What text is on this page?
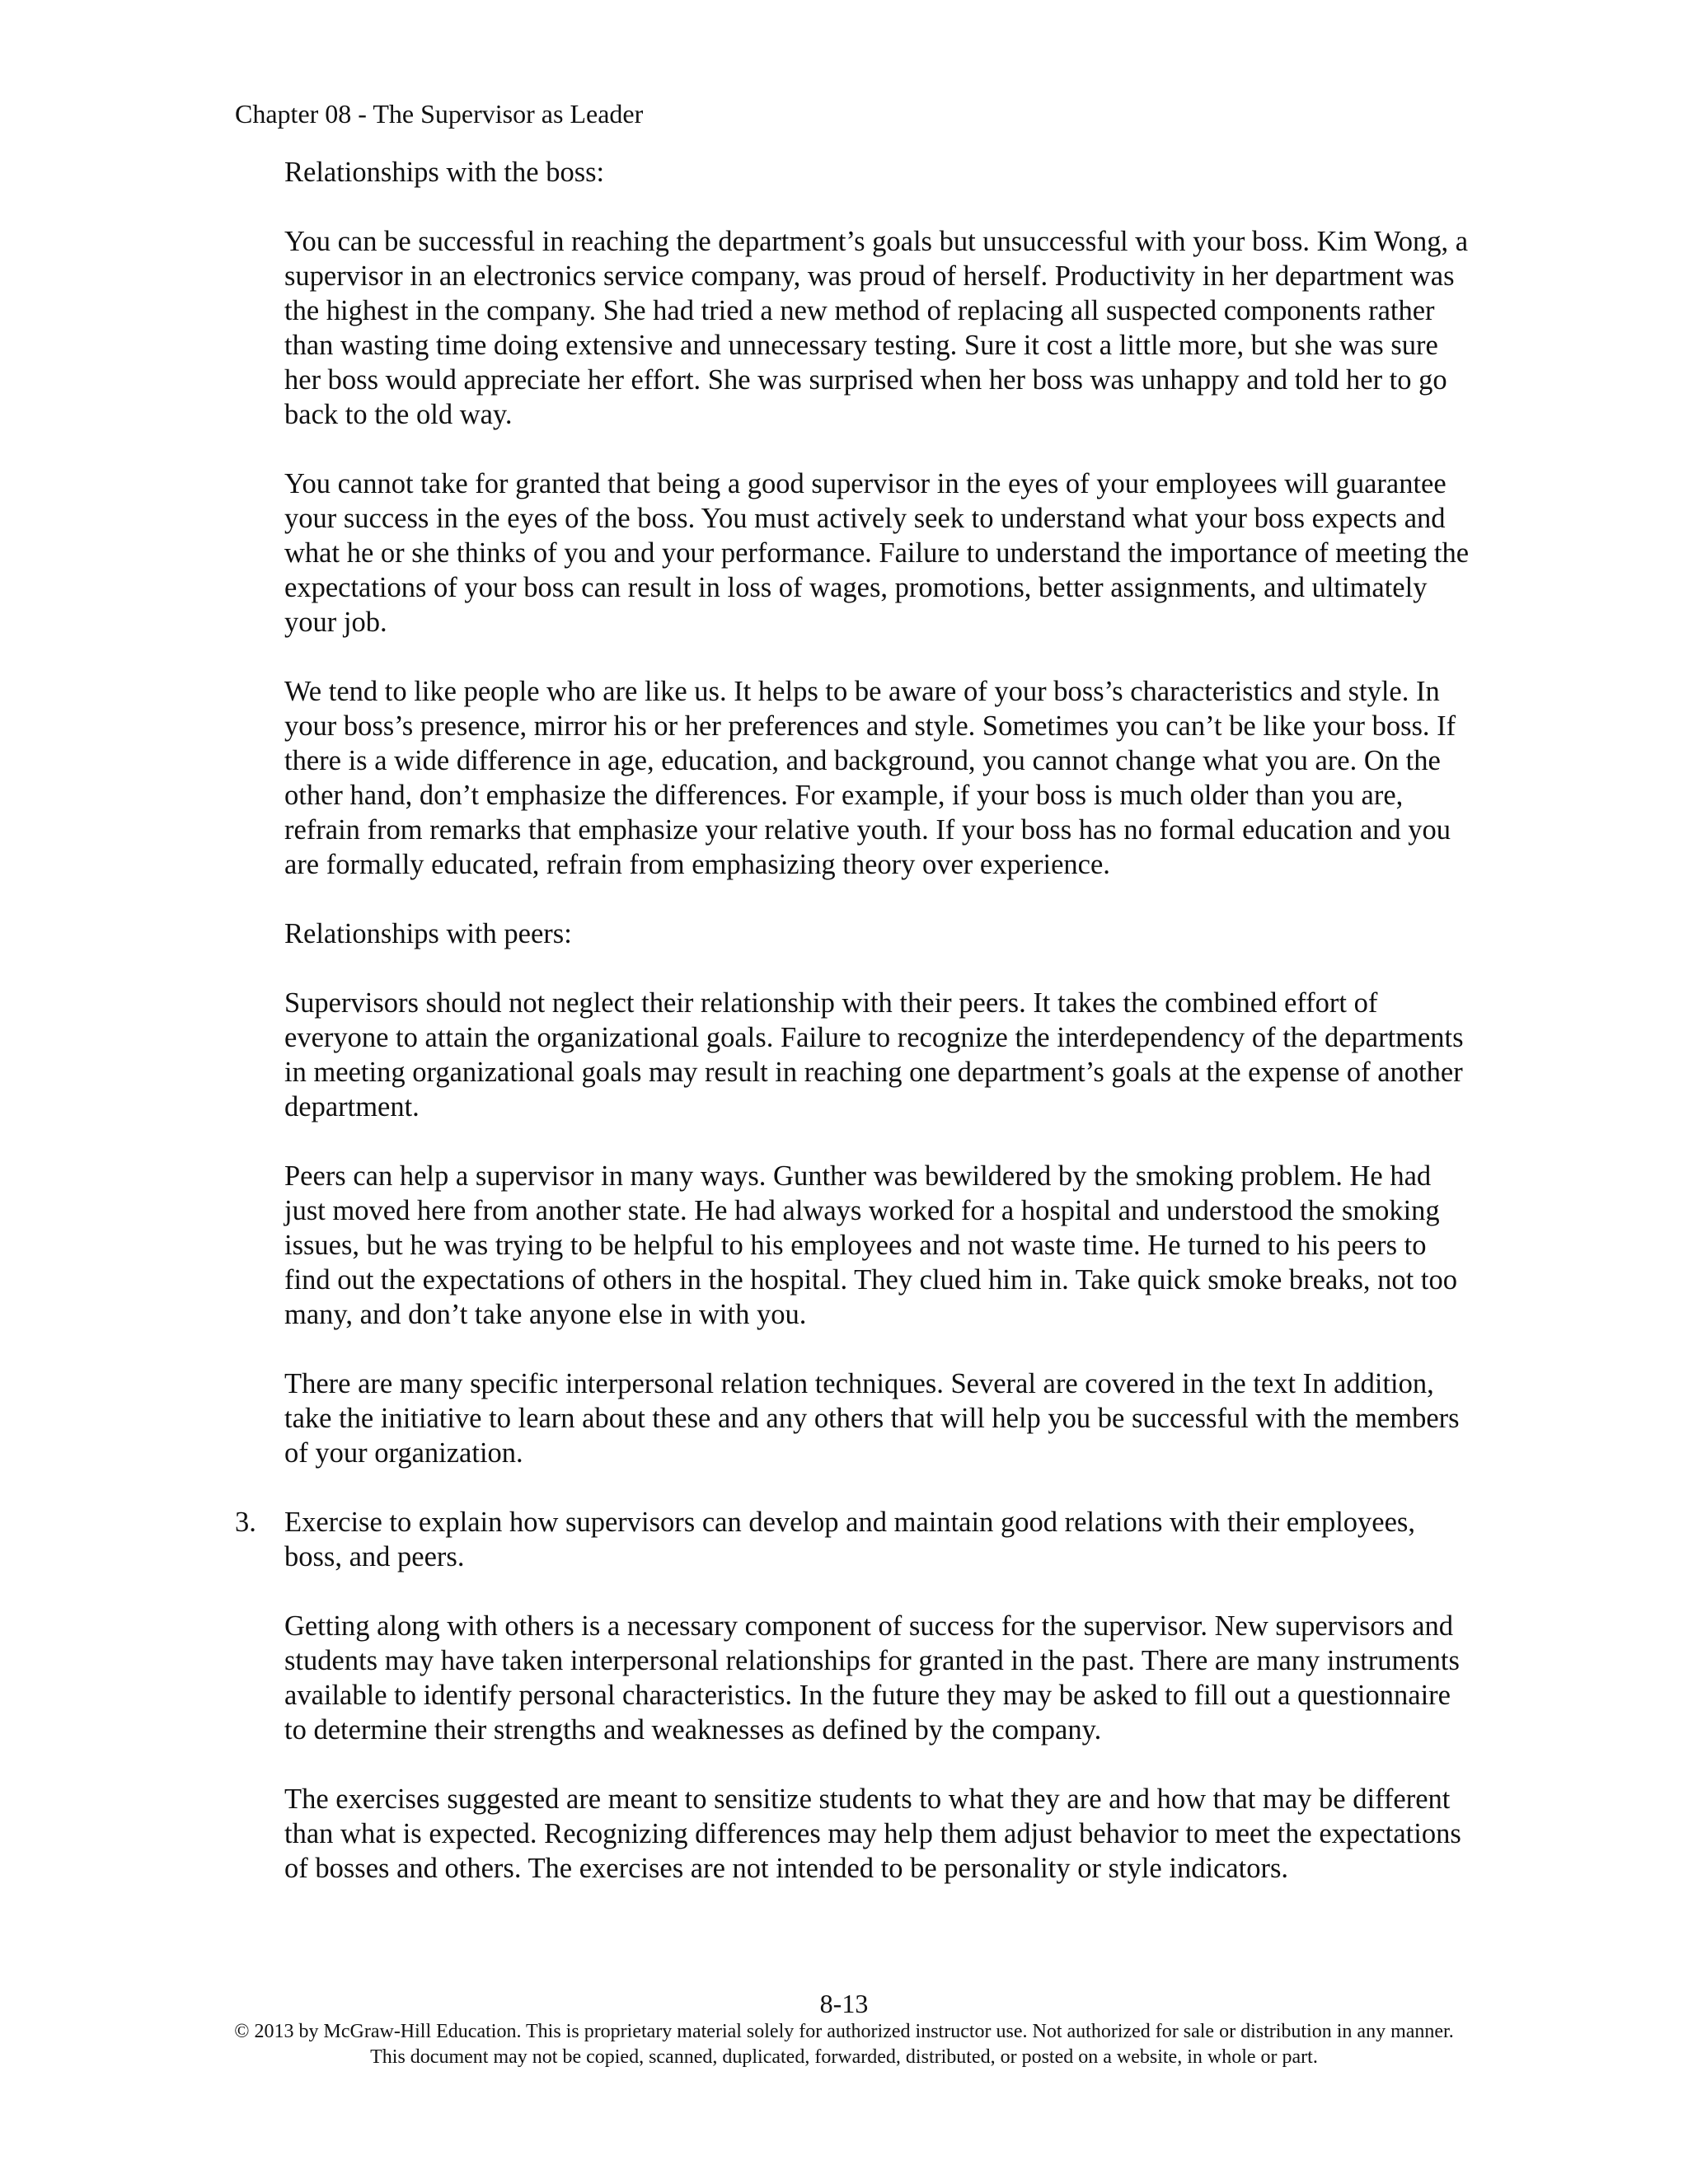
Chapter 08 - The Supervisor as Leader

Relationships with the boss:

You can be successful in reaching the department’s goals but unsuccessful with your boss. Kim Wong, a supervisor in an electronics service company, was proud of herself. Productivity in her department was the highest in the company. She had tried a new method of replacing all suspected components rather than wasting time doing extensive and unnecessary testing. Sure it cost a little more, but she was sure her boss would appreciate her effort. She was surprised when her boss was unhappy and told her to go back to the old way.

You cannot take for granted that being a good supervisor in the eyes of your employees will guarantee your success in the eyes of the boss. You must actively seek to understand what your boss expects and what he or she thinks of you and your performance. Failure to understand the importance of meeting the expectations of your boss can result in loss of wages, promotions, better assignments, and ultimately your job.

We tend to like people who are like us. It helps to be aware of your boss’s characteristics and style. In your boss’s presence, mirror his or her preferences and style. Sometimes you can’t be like your boss. If there is a wide difference in age, education, and background, you cannot change what you are. On the other hand, don’t emphasize the differences. For example, if your boss is much older than you are, refrain from remarks that emphasize your relative youth. If your boss has no formal education and you are formally educated, refrain from emphasizing theory over experience.

Relationships with peers:

Supervisors should not neglect their relationship with their peers. It takes the combined effort of everyone to attain the organizational goals. Failure to recognize the interdependency of the departments in meeting organizational goals may result in reaching one department’s goals at the expense of another department.

Peers can help a supervisor in many ways. Gunther was bewildered by the smoking problem. He had just moved here from another state. He had always worked for a hospital and understood the smoking issues, but he was trying to be helpful to his employees and not waste time. He turned to his peers to find out the expectations of others in the hospital. They clued him in. Take quick smoke breaks, not too many, and don’t take anyone else in with you.

There are many specific interpersonal relation techniques. Several are covered in the text In addition, take the initiative to learn about these and any others that will help you be successful with the members of your organization.

3. Exercise to explain how supervisors can develop and maintain good relations with their employees, boss, and peers.

Getting along with others is a necessary component of success for the supervisor. New supervisors and students may have taken interpersonal relationships for granted in the past. There are many instruments available to identify personal characteristics. In the future they may be asked to fill out a questionnaire to determine their strengths and weaknesses as defined by the company.

The exercises suggested are meant to sensitize students to what they are and how that may be different than what is expected. Recognizing differences may help them adjust behavior to meet the expectations of bosses and others. The exercises are not intended to be personality or style indicators.

8-13
© 2013 by McGraw-Hill Education. This is proprietary material solely for authorized instructor use. Not authorized for sale or distribution in any manner. This document may not be copied, scanned, duplicated, forwarded, distributed, or posted on a website, in whole or part.
